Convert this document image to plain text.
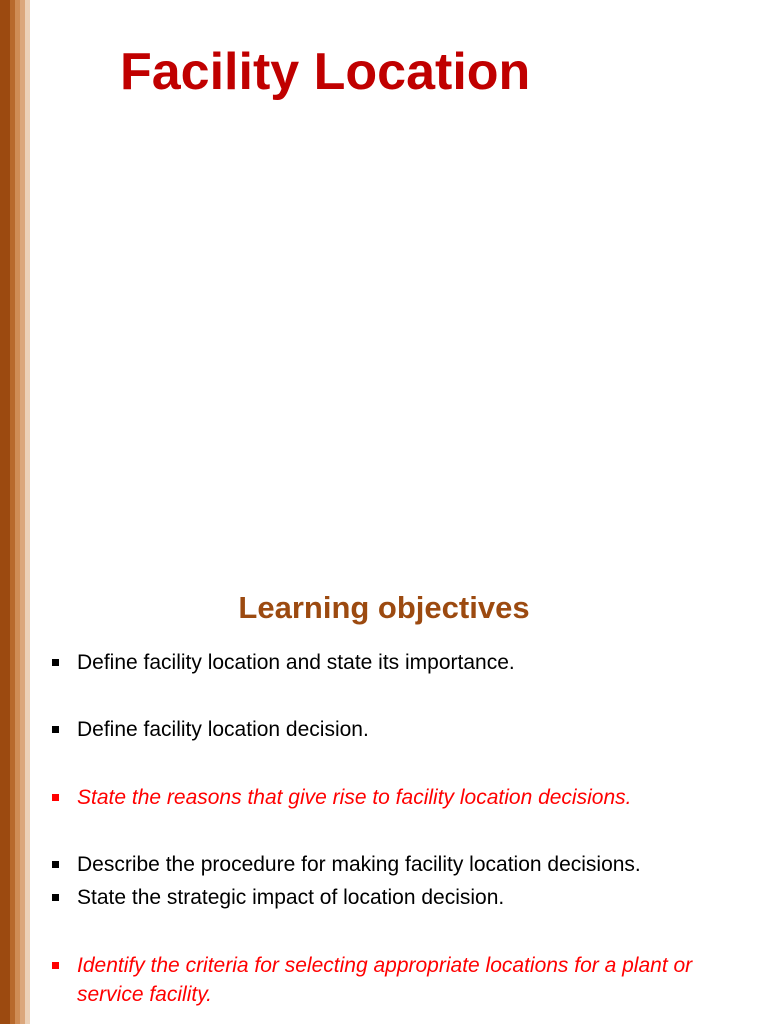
Facility Location
Learning objectives
Define facility location and state its importance.
Define facility location decision.
State the reasons that give rise to facility location decisions.
Describe the procedure for making facility location decisions.
State the strategic impact of location decision.
Identify the criteria for selecting appropriate locations for a plant or service facility.
